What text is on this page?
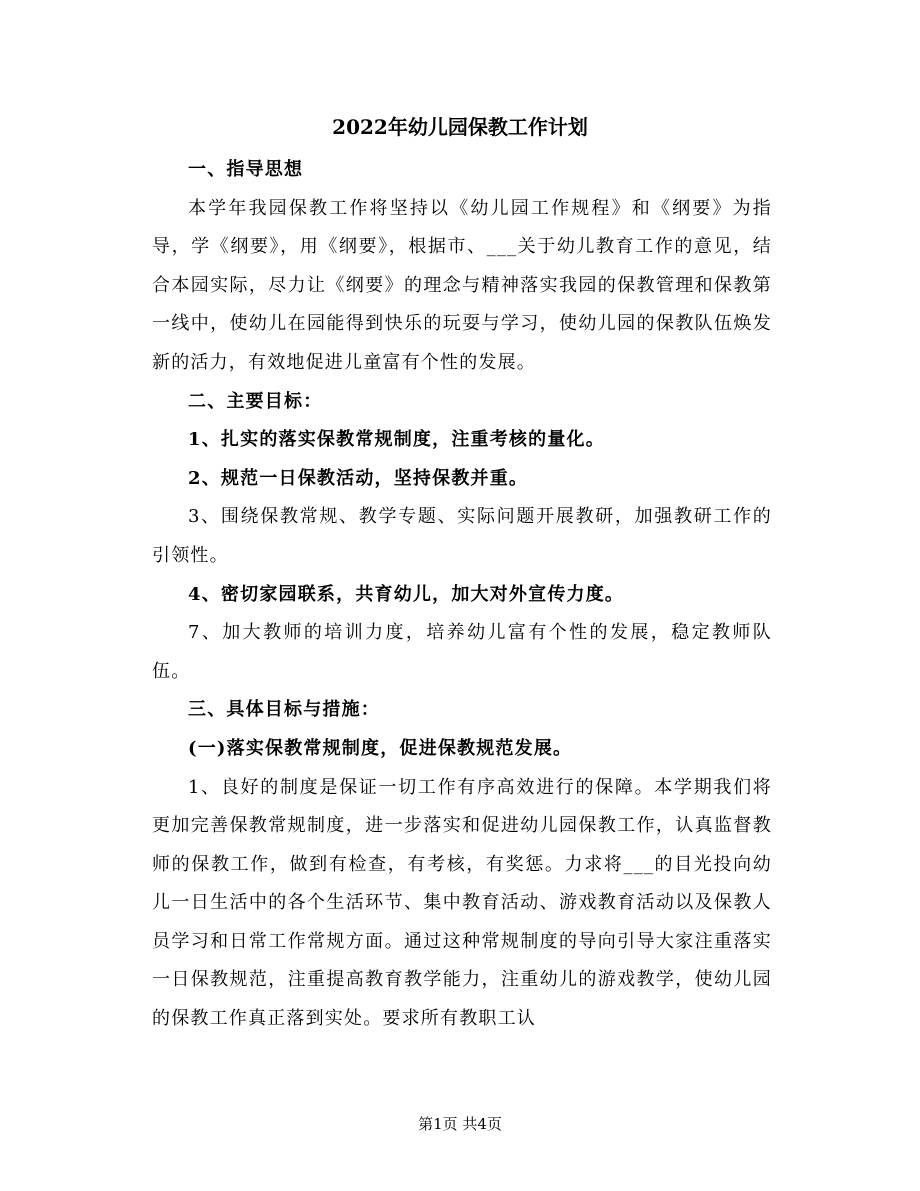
2022年幼儿园保教工作计划

一、指导思想

本学年我园保教工作将坚持以《幼儿园工作规程》和《纲要》为指导，学《纲要》，用《纲要》，根据市、___关于幼儿教育工作的意见，结合本园实际，尽力让《纲要》的理念与精神落实我园的保教管理和保教第一线中，使幼儿在园能得到快乐的玩耍与学习，使幼儿园的保教队伍焕发新的活力，有效地促进儿童富有个性的发展。

二、主要目标：

1、扎实的落实保教常规制度，注重考核的量化。

2、规范一日保教活动，坚持保教并重。

3、围绕保教常规、教学专题、实际问题开展教研，加强教研工作的引领性。

4、密切家园联系，共育幼儿，加大对外宣传力度。

7、加大教师的培训力度，培养幼儿富有个性的发展，稳定教师队伍。

三、具体目标与措施：

(一)落实保教常规制度，促进保教规范发展。

1、良好的制度是保证一切工作有序高效进行的保障。本学期我们将更加完善保教常规制度，进一步落实和促进幼儿园保教工作，认真监督教师的保教工作，做到有检查，有考核，有奖惩。力求将___的目光投向幼儿一日生活中的各个生活环节、集中教育活动、游戏教育活动以及保教人员学习和日常工作常规方面。通过这种常规制度的导向引导大家注重落实一日保教规范，注重提高教育教学能力，注重幼儿的游戏教学，使幼儿园的保教工作真正落到实处。要求所有教职工认

第1页 共4页
